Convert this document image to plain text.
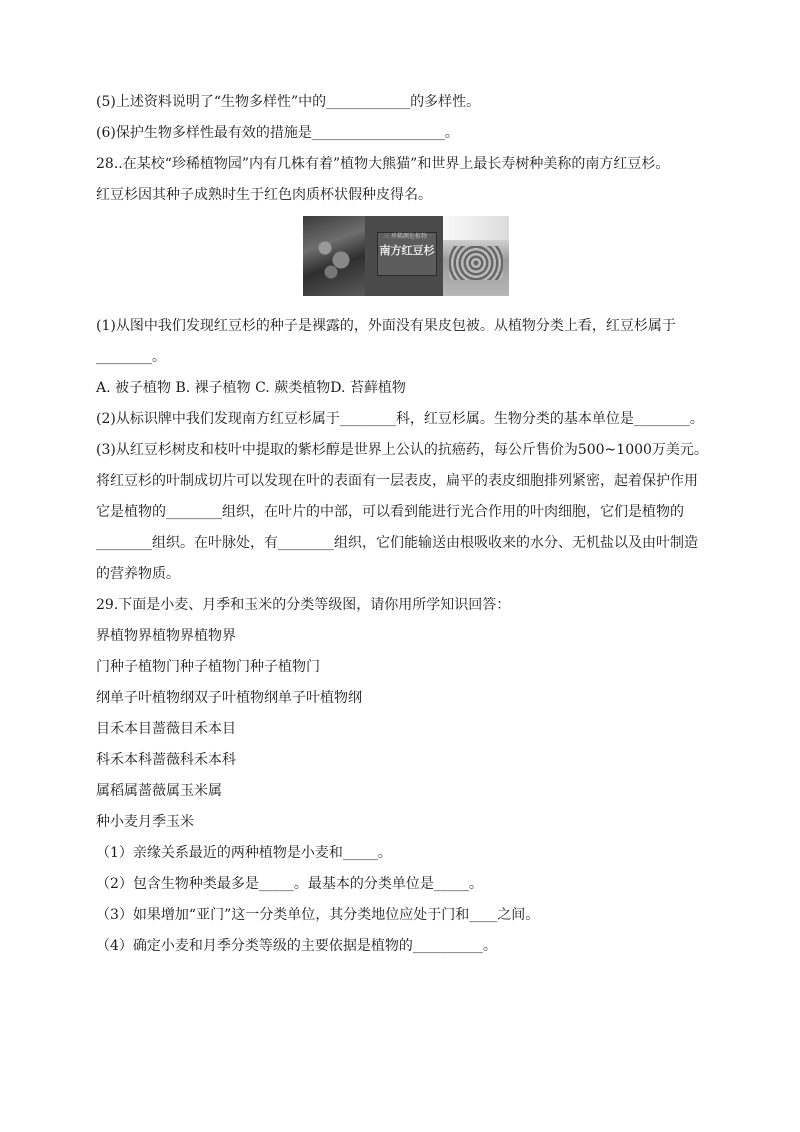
(5)上述资料说明了“生物多样性”中的____________的多样性。
(6)保护生物多样性最有效的措施是___________________。
28..在某校“珍稀植物园”内有几株有着”植物大熊猫”和世界上最长寿树种美称的南方红豆杉。
红豆杉因其种子成熟时生于红色肉质杯状假种皮得名。
三·珍稀濒危植物 ·
南方红豆杉
(1)从图中我们发现红豆杉的种子是裸露的，外面没有果皮包被。从植物分类上看，红豆杉属于
________。
A. 被子植物 B. 裸子植物 C. 蕨类植物D. 苔藓植物
(2)从标识牌中我们发现南方红豆杉属于________科，红豆杉属。生物分类的基本单位是________。
(3)从红豆杉树皮和枝叶中提取的紫杉醇是世界上公认的抗癌药，每公斤售价为500~1000万美元。
将红豆杉的叶制成切片可以发现在叶的表面有一层表皮，扁平的表皮细胞排列紧密，起着保护作用
它是植物的________组织，在叶片的中部，可以看到能进行光合作用的叶肉细胞，它们是植物的
________组织。在叶脉处，有________组织，它们能输送由根吸收来的水分、无机盐以及由叶制造
的营养物质。
29.下面是小麦、月季和玉米的分类等级图，请你用所学知识回答：
界植物界植物界植物界
门种子植物门种子植物门种子植物门
纲单子叶植物纲双子叶植物纲单子叶植物纲
目禾本目蔷薇目禾本目
科禾本科蔷薇科禾本科
属稻属蔷薇属玉米属
种小麦月季玉米
（1）亲缘关系最近的两种植物是小麦和_____。
（2）包含生物种类最多是_____。最基本的分类单位是_____。
（3）如果增加“亚门”这一分类单位，其分类地位应处于门和____之间。
（4）确定小麦和月季分类等级的主要依据是植物的__________。
